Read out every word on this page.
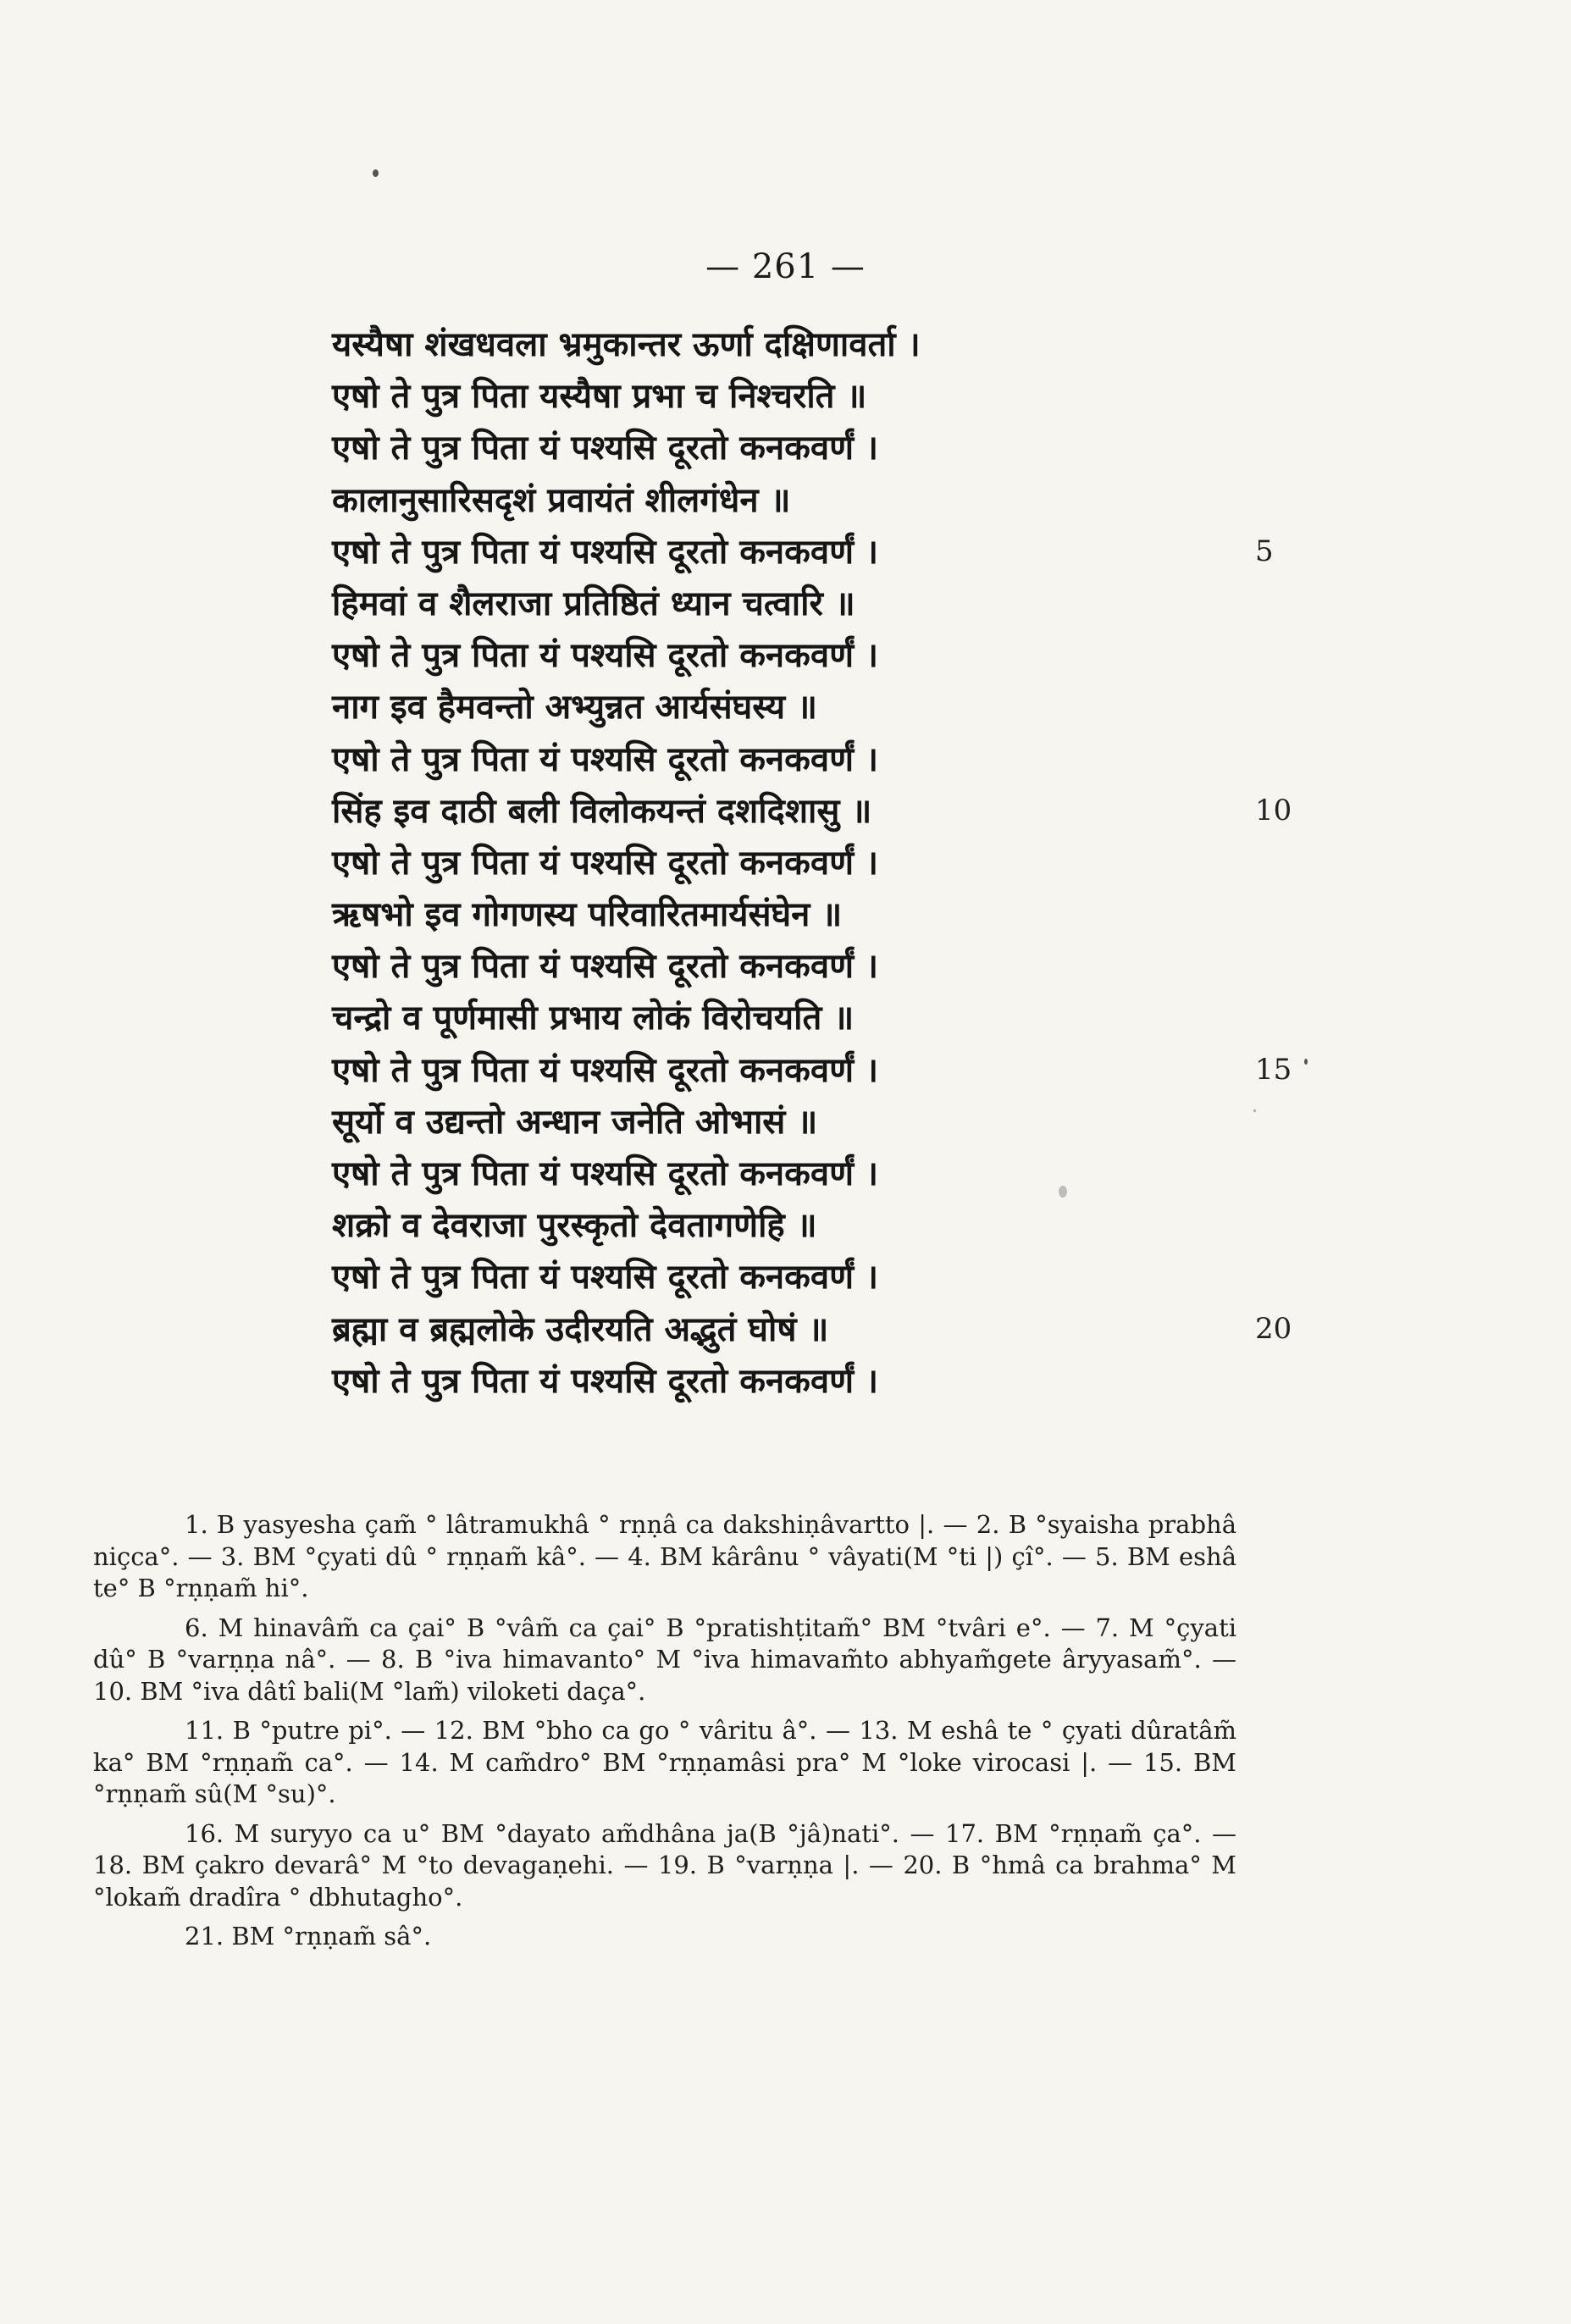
— 261 —
यस्यैषा शंखधवला भ्रमुकान्तर ऊर्णा दक्षिणावर्ता ।
एषो ते पुत्र पिता यस्यैषा प्रभा च निश्चरति ॥
एषो ते पुत्र पिता यं पश्यसि दूरतो कनकवर्णं ।
कालानुसारिसदृशं प्रवायंतं शीलगंधेन ॥
एषो ते पुत्र पिता यं पश्यसि दूरतो कनकवर्णं ।	5
हिमवां व शैलराजा प्रतिष्ठितं ध्यान चत्वारि ॥
एषो ते पुत्र पिता यं पश्यसि दूरतो कनकवर्णं ।
नाग इव हैमवन्तो अभ्युन्नत आर्यसंघस्य ॥
एषो ते पुत्र पिता यं पश्यसि दूरतो कनकवर्णं ।
सिंह इव दाठी बली विलोकयन्तं दशदिशासु ॥	10
एषो ते पुत्र पिता यं पश्यसि दूरतो कनकवर्णं ।
ऋषभो इव गोगणस्य परिवारितमार्यसंघेन ॥
एषो ते पुत्र पिता यं पश्यसि दूरतो कनकवर्णं ।
चन्द्रो व पूर्णमासी प्रभाय लोकं विरोचयति ॥
एषो ते पुत्र पिता यं पश्यसि दूरतो कनकवर्णं ।	15
सूर्यो व उद्यन्तो अन्धान जनेति ओभासं ॥
एषो ते पुत्र पिता यं पश्यसि दूरतो कनकवर्णं ।
शक्रो व देवराजा पुरस्कृतो देवतागणेहि ॥
एषो ते पुत्र पिता यं पश्यसि दूरतो कनकवर्णं ।
ब्रह्मा व ब्रह्मलोके उदीरयति अद्भुतं घोषं ॥	20
एषो ते पुत्र पिता यं पश्यसि दूरतो कनकवर्णं ।

1. B yasyesha çam̃ ° lâtramukhâ ° rṇṇâ ca dakshiṇâvartto |. — 2. B °syaisha prabhâ niçca°. — 3. BM °çyati dû ° rṇṇam̃ kâ°. — 4. BM kârânu ° vâyati(M °ti |) çî°. — 5. BM eshâ te° B °rṇṇam̃ hi°.

6. M hinavâm̃ ca çai° B °vâm̃ ca çai° B °pratishṭitam̃° BM °tvâri e°. — 7. M °çyati dû° B °varṇṇa nâ°. — 8. B °iva himavanto° M °iva himavam̃to abhyam̃gete âryyasam̃°. — 10. BM °iva dâtî bali(M °lam̃) viloketi daça°.

11. B °putre pi°. — 12. BM °bho ca go ° vâritu â°. — 13. M eshâ te ° çyati dûratâm̃ ka° BM °rṇṇam̃ ca°. — 14. M cam̃dro° BM °rṇṇamâsi pra° M °loke virocasi |. — 15. BM °rṇṇam̃ sû(M °su)°.

16. M suryyo ca u° BM °dayato am̃dhâna ja(B °jâ)nati°. — 17. BM °rṇṇam̃ ça°. — 18. BM çakro devarâ° M °to devagaṇehi. — 19. B °varṇṇa |. — 20. B °hmâ ca brahma° M °lokam̃ dradîra ° dbhutagho°.

21. BM °rṇṇam̃ sâ°.
